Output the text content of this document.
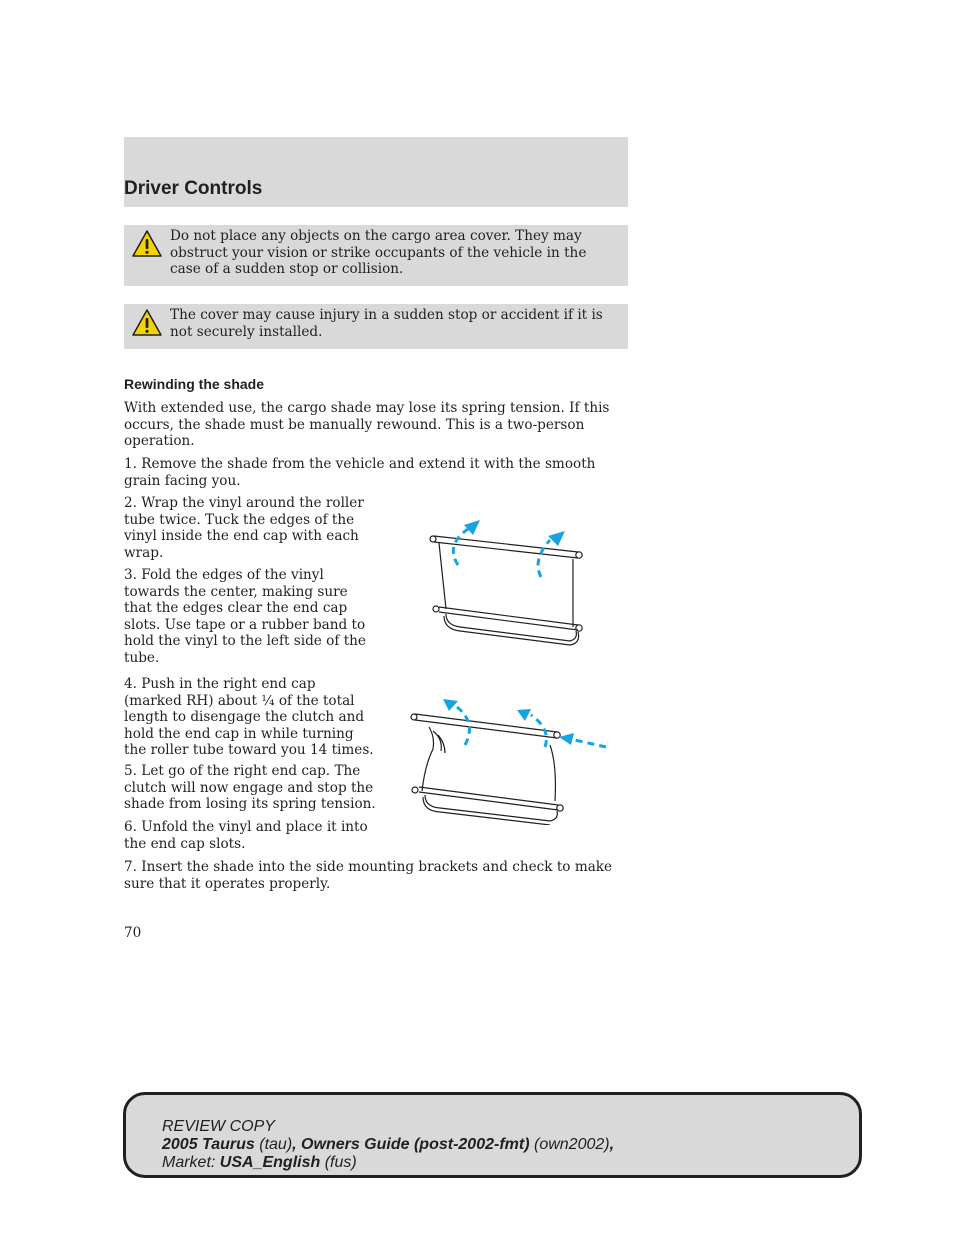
Driver Controls
Do not place any objects on the cargo area cover. They may obstruct your vision or strike occupants of the vehicle in the case of a sudden stop or collision.
The cover may cause injury in a sudden stop or accident if it is not securely installed.
Rewinding the shade
With extended use, the cargo shade may lose its spring tension. If this occurs, the shade must be manually rewound. This is a two-person operation.
1. Remove the shade from the vehicle and extend it with the smooth grain facing you.
2. Wrap the vinyl around the roller tube twice. Tuck the edges of the vinyl inside the end cap with each wrap.
3. Fold the edges of the vinyl towards the center, making sure that the edges clear the end cap slots. Use tape or a rubber band to hold the vinyl to the left side of the tube.
4. Push in the right end cap (marked RH) about ¼ of the total length to disengage the clutch and hold the end cap in while turning the roller tube toward you 14 times.
5. Let go of the right end cap. The clutch will now engage and stop the shade from losing its spring tension.
6. Unfold the vinyl and place it into the end cap slots.
7. Insert the shade into the side mounting brackets and check to make sure that it operates properly.
70
REVIEW COPY
2005 Taurus (tau), Owners Guide (post-2002-fmt) (own2002),
Market: USA_English (fus)
